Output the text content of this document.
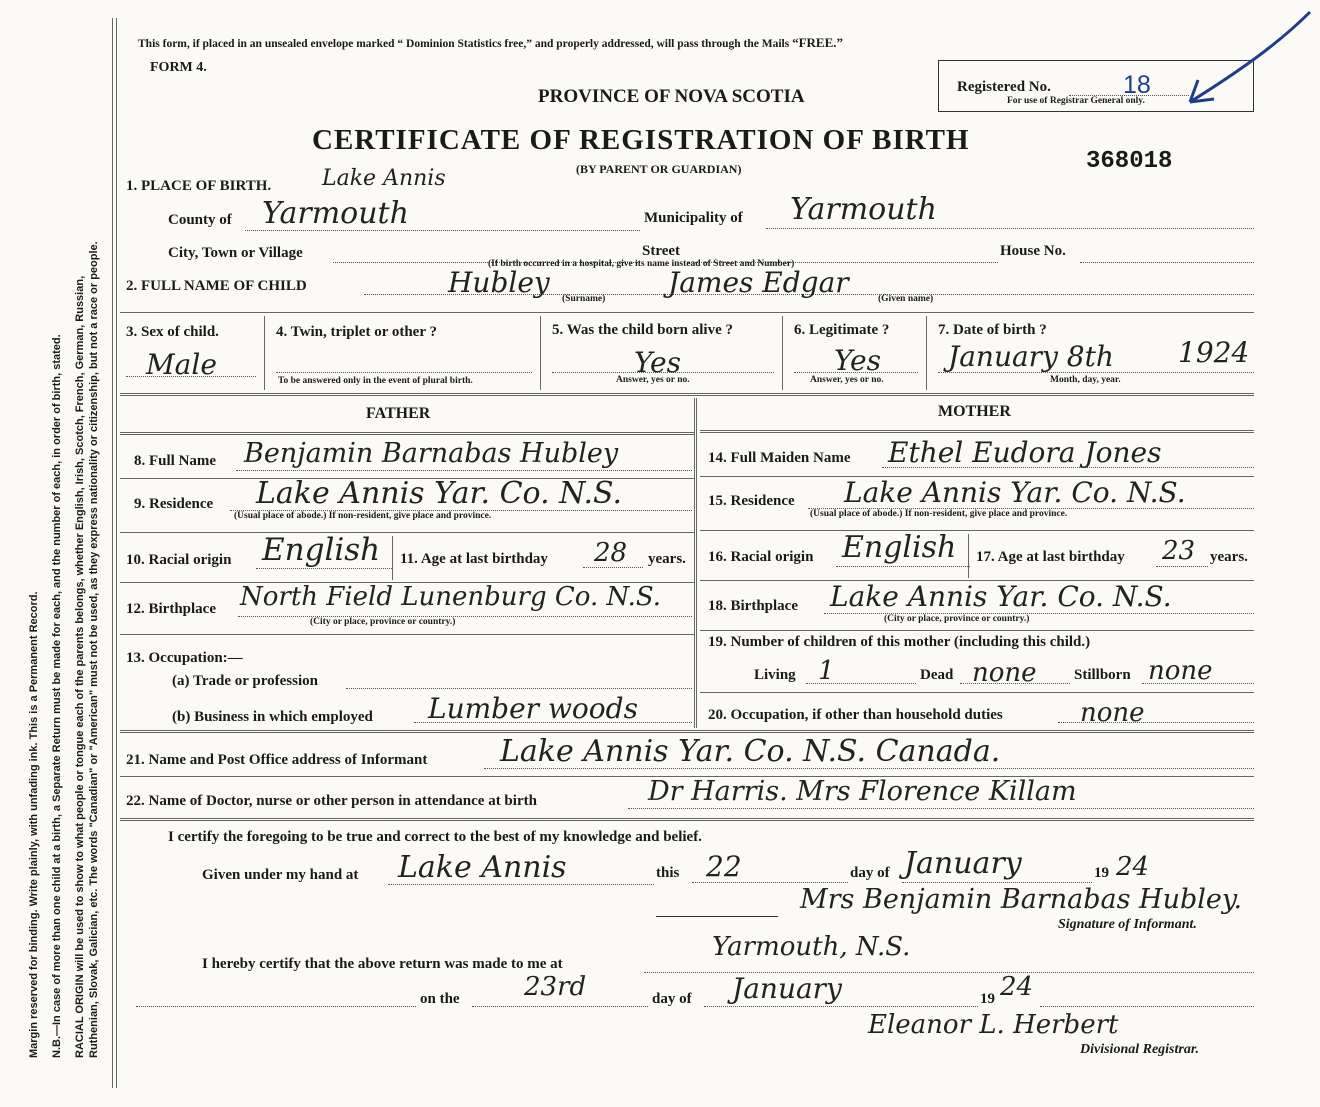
Margin reserved for binding. Write plainly, with unfading ink. This is a Permanent Record. N.B.—In case of more than one child at a birth, a Separate Return must be made for each, and the number of each, in order of birth, stated. RACIAL ORIGIN will be used to show to what people or tongue each of the parents belongs, whether English, Irish, Scotch, French, German, Russian, Ruthenian, Slovak, Galician, etc. The words "Canadian" or "American" must not be used, as they express nationality or citizenship, but not a race or people.
This form, if placed in an unsealed envelope marked “ Dominion Statistics free,” and properly addressed, will pass through the Mails “FREE.”
FORM 4.
PROVINCE OF NOVA SCOTIA
CERTIFICATE OF REGISTRATION OF BIRTH
(BY PARENT OR GUARDIAN)
Registered No.	18
For use of Registrar General only.
368018
1. PLACE OF BIRTH. Lake Annis
County of Yarmouth	Municipality of Yarmouth
City, Town or Village	Street	House No.
(If birth occurred in a hospital, give its name instead of Street and Number)
2. FULL NAME OF CHILD	Hubley (Surname) James Edgar	(Given name)
3. Sex of child.
Male
4. Twin, triplet or other ?
To be answered only in the event of plural birth.
5. Was the child born alive ?
Yes
Answer, yes or no.
6. Legitimate ?
Yes
Answer, yes or no.
7. Date of birth ?
January 8th 1924
Month, day, year.
FATHER
8. Full Name Benjamin Barnabas Hubley
9. Residence Lake Annis Yar. Co. N.S.
(Usual place of abode.) If non-resident, give place and province.
10. Racial origin English 11. Age at last birthday 28 years.
12. Birthplace North Field Lunenburg Co. N.S.
(City or place, province or country.)
13. Occupation:—
(a) Trade or profession
(b) Business in which employed Lumber woods
MOTHER
14. Full Maiden Name Ethel Eudora Jones
15. Residence Lake Annis Yar. Co. N.S.
(Usual place of abode.) If non-resident, give place and province.
16. Racial origin English 17. Age at last birthday 23 years.
18. Birthplace Lake Annis Yar. Co. N.S.
(City or place, province or country.)
19. Number of children of this mother (including this child.)
Living 1	Dead none Stillborn none
20. Occupation, if other than household duties	none
21. Name and Post Office address of Informant Lake Annis Yar. Co. N.S. Canada.
22. Name of Doctor, nurse or other person in attendance at birth	Dr Harris. Mrs Florence Killam
I certify the foregoing to be true and correct to the best of my knowledge and belief.
Given under my hand at Lake Annis	this 22	day of January	19 24
Mrs Benjamin Barnabas Hubley.
Signature of Informant.
Yarmouth, N.S.
I hereby certify that the above return was made to me at
on the 23rd	day of January	19 24
Eleanor L. Herbert
Divisional Registrar.
